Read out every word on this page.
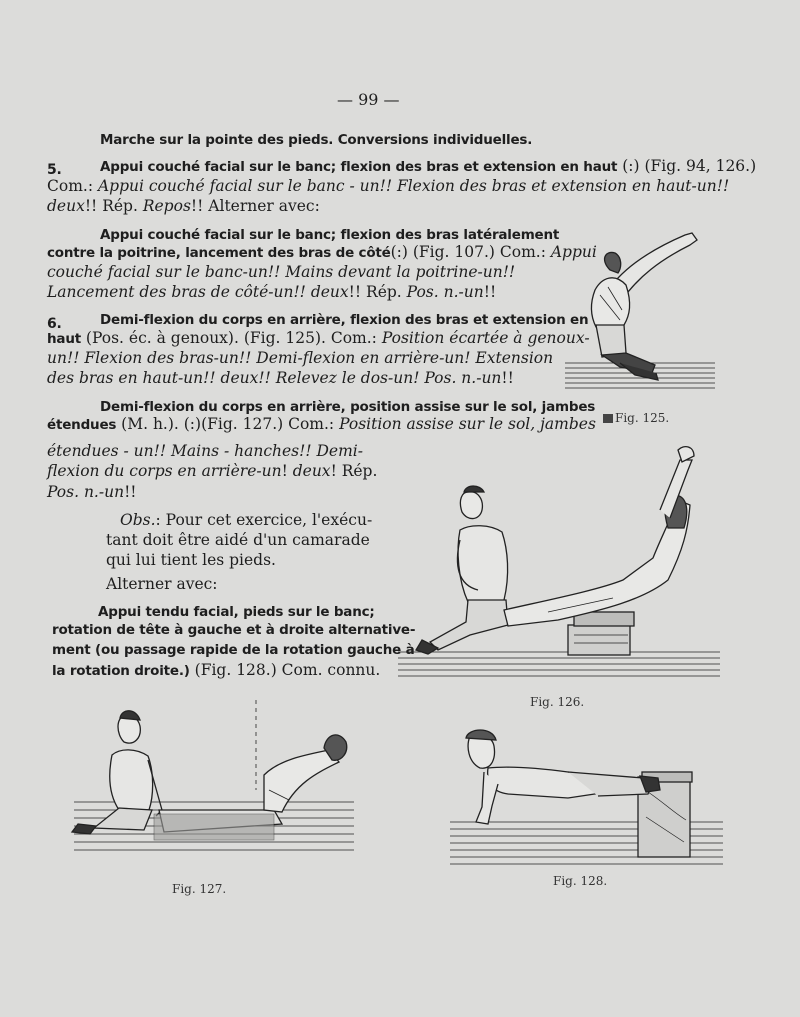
— 99 —
Marche sur la pointe des pieds. Conversions individuelles.
5.	Appui couché facial sur le banc; flexion des bras et extension en haut (:) (Fig. 94, 126.)
Com.: Appui couché facial sur le banc - un!! Flexion des bras et extension en haut-un!!
deux!! Rép. Repos!! Alterner avec:
Appui couché facial sur le banc; flexion des bras latéralement
contre la poitrine, lancement des bras de côté(:) (Fig. 107.) Com.: Appui
couché facial sur le banc-un!! Mains devant la poitrine-un!!
Lancement des bras de côté-un!! deux!! Rép. Pos. n.-un!!
6.	Demi-flexion du corps en arrière, flexion des bras et extension en
haut (Pos. éc. à genoux). (Fig. 125). Com.: Position écartée à genoux-
un!! Flexion des bras-un!! Demi-flexion en arrière-un! Extension
des bras en haut-un!! deux!! Relevez le dos-un! Pos. n.-un!!
Demi-flexion du corps en arrière, position assise sur le sol, jambes
étendues (M. h.). (:)(Fig. 127.) Com.: Position assise sur le sol, jambes
étendues - un!! Mains - hanches!! Demi-
flexion du corps en arrière-un! deux! Rép.
Pos. n.-un!!
Obs.: Pour cet exercice, l'exécu-
tant doit être aidé d'un camarade
qui lui tient les pieds.
Alterner avec:
Appui tendu facial, pieds sur le banc;
rotation de tête à gauche et à droite alternative-
ment (ou passage rapide de la rotation gauche à
la rotation droite.) (Fig. 128.) Com. connu.
Fig. 125.
Fig. 126.
Fig. 127.
Fig. 128.
